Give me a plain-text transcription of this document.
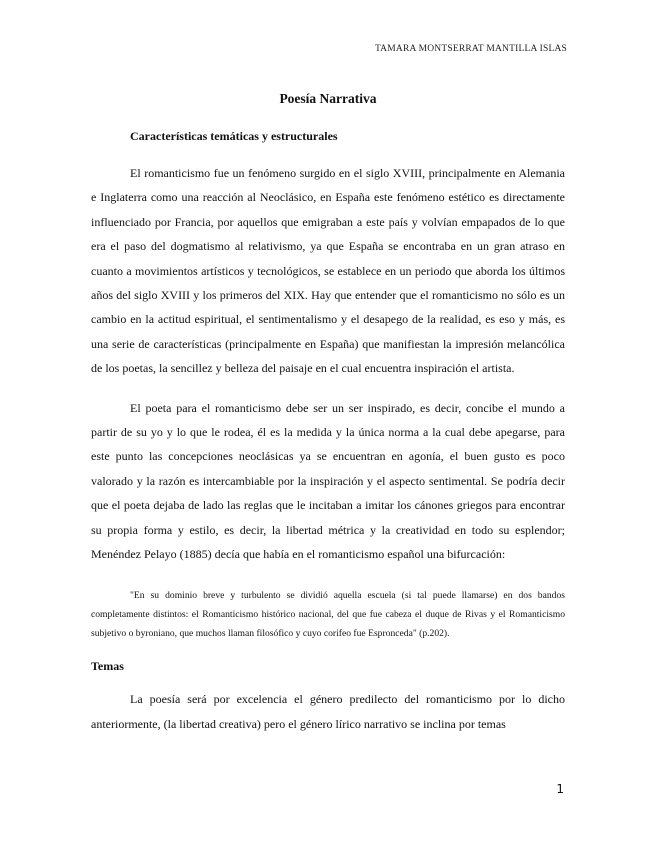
TAMARA MONTSERRAT MANTILLA ISLAS
Poesía Narrativa
Características temáticas y estructurales

El romanticismo fue un fenómeno surgido en el siglo XVIII, principalmente en Alemania e Inglaterra como una reacción al Neoclásico, en España este fenómeno estético es directamente influenciado por Francia, por aquellos que emigraban a este país y volvían empapados de lo que era el paso del dogmatismo al relativismo, ya que España se encontraba en un gran atraso en cuanto a movimientos artísticos y tecnológicos, se establece en un periodo que aborda los últimos años del siglo XVIII y los primeros del XIX. Hay que entender que el romanticismo no sólo es un cambio en la actitud espiritual, el sentimentalismo y el desapego de la realidad, es eso y más, es una serie de características (principalmente en España) que manifiestan la impresión melancólica de los poetas, la sencillez y belleza del paisaje en el cual encuentra inspiración el artista.

El poeta para el romanticismo debe ser un ser inspirado, es decir, concibe el mundo a partir de su yo y lo que le rodea, él es la medida y la única norma a la cual debe apegarse, para este punto las concepciones neoclásicas ya se encuentran en agonía, el buen gusto es poco valorado y la razón es intercambiable por la inspiración y el aspecto sentimental. Se podría decir que el poeta dejaba de lado las reglas que le incitaban a imitar los cánones griegos para encontrar su propia forma y estilo, es decir, la libertad métrica y la creatividad en todo su esplendor; Menéndez Pelayo (1885) decía que había en el romanticismo español una bifurcación:

"En su dominio breve y turbulento se dividió aquella escuela (si tal puede llamarse) en dos bandos completamente distintos: el Romanticismo histórico nacional, del que fue cabeza el duque de Rivas y el Romanticismo subjetivo o byroniano, que muchos llaman filosófico y cuyo corifeo fue Espronceda" (p.202).

Temas

La poesía será por excelencia el género predilecto del romanticismo por lo dicho anteriormente, (la libertad creativa) pero el género lírico narrativo se inclina por temas

1
